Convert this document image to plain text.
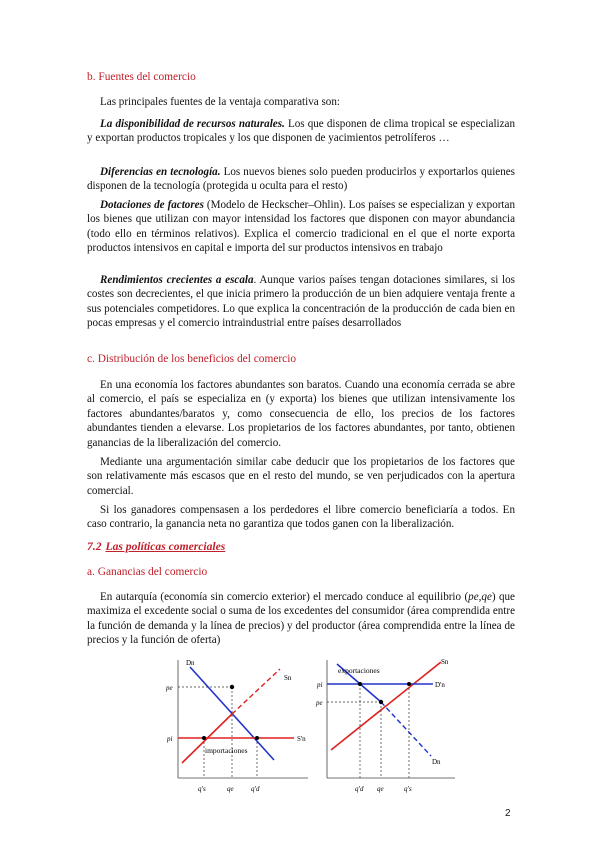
b. Fuentes del comercio

Las principales fuentes de la ventaja comparativa son:

La disponibilidad de recursos naturales. Los que disponen de clima tropical se especializan y exportan productos tropicales y los que disponen de yacimientos petrolíferos …

Diferencias en tecnología. Los nuevos bienes solo pueden producirlos y exportarlos quienes disponen de la tecnología (protegida u oculta para el resto)

Dotaciones de factores (Modelo de Heckscher–Ohlin). Los países se especializan y exportan los bienes que utilizan con mayor intensidad los factores que disponen con mayor abundancia (todo ello en términos relativos). Explica el comercio tradicional en el que el norte exporta productos intensivos en capital e importa del sur productos intensivos en trabajo

Rendimientos crecientes a escala. Aunque varios países tengan dotaciones similares, si los costes son decrecientes, el que inicia primero la producción de un bien adquiere ventaja frente a sus potenciales competidores. Lo que explica la concentración de la producción de cada bien en pocas empresas y el comercio intraindustrial entre países desarrollados

c. Distribución de los beneficios del comercio

En una economía los factores abundantes son baratos. Cuando una economía cerrada se abre al comercio, el país se especializa en (y exporta) los bienes que utilizan intensivamente los factores abundantes/baratos y, como consecuencia de ello, los precios de los factores abundantes tienden a elevarse. Los propietarios de los factores abundantes, por tanto, obtienen ganancias de la liberalización del comercio.

Mediante una argumentación similar cabe deducir que los propietarios de los factores que son relativamente más escasos que en el resto del mundo, se ven perjudicados con la apertura comercial.

Si los ganadores compensasen a los perdedores el libre comercio beneficiaría a todos. En caso contrario, la ganancia neta no garantiza que todos ganen con la liberalización.

7.2 Las políticas comerciales
a. Ganancias del comercio

En autarquía (economía sin comercio exterior) el mercado conduce al equilibrio (pe,qe) que maximiza el excedente social o suma de los excedentes del consumidor (área comprendida entre la función de demanda y la línea de precios) y del productor (área comprendida entre la línea de precios y la función de oferta)

Dn
Sn
S'n
pe
pi
importaciones
q's	qe q'd
exportaciones
Sn
D'n
Dn
pi
pe
q'd qe	q's
2
